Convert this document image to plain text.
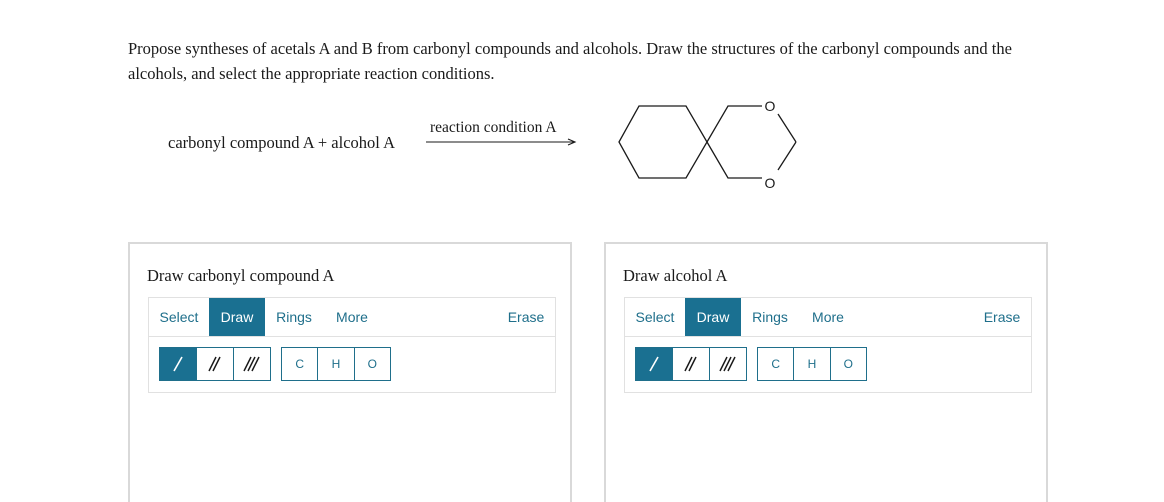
Propose syntheses of acetals A and B from carbonyl compounds and alcohols. Draw the structures of the carbonyl compounds and the alcohols, and select the appropriate reaction conditions.
carbonyl compound A + alcohol A
reaction condition A
O
O
Draw carbonyl compound A
Select	Draw	Rings	More	Erase
C	H	O
Draw alcohol A
Select	Draw	Rings	More	Erase
C	H	O
